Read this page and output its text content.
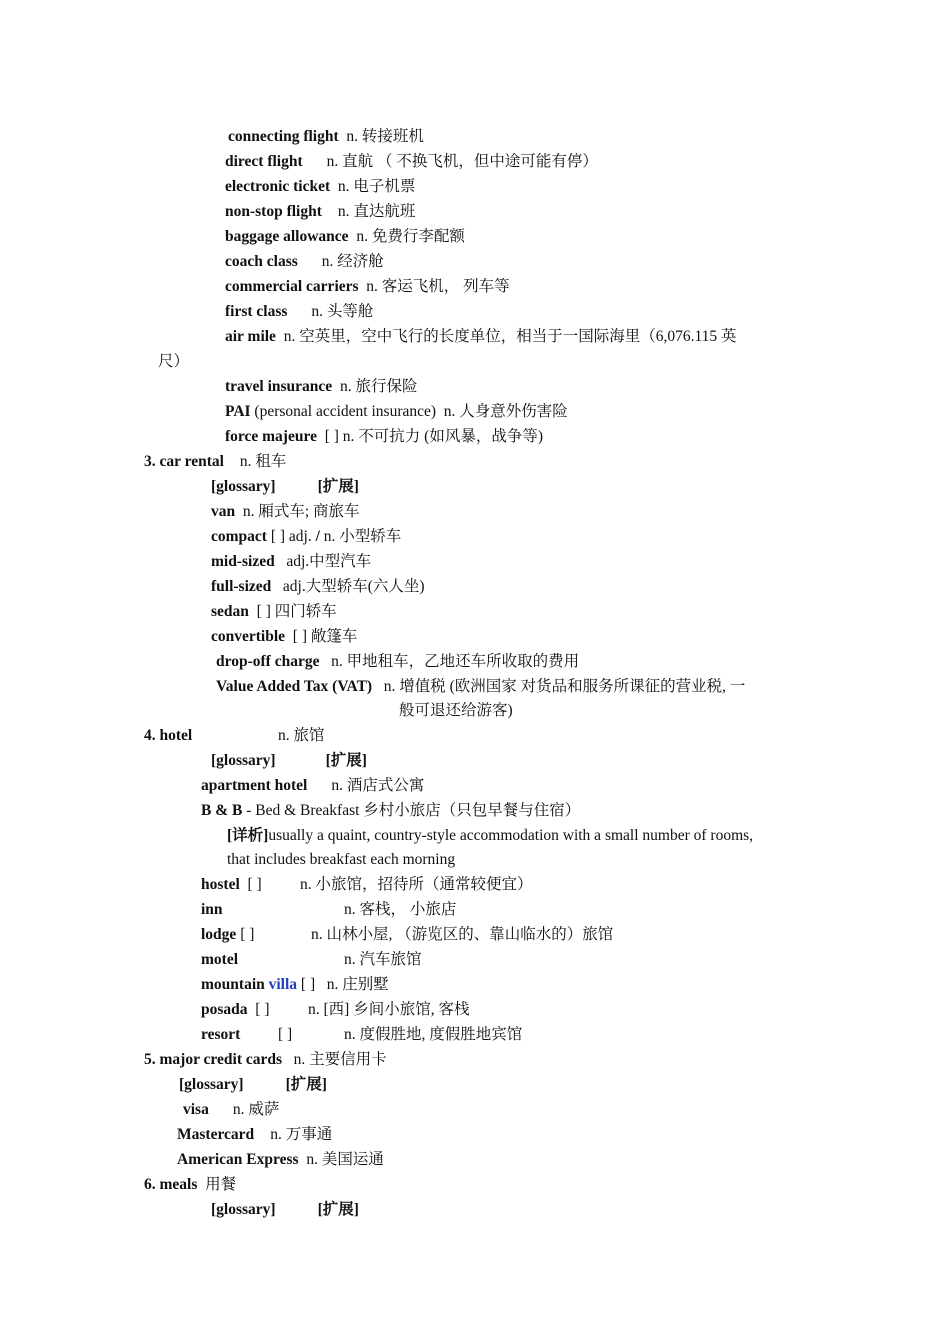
connecting flight n. 转接班机
direct flight n. 直航 （ 不换飞机，但中途可能有停）
electronic ticket n. 电子机票
non-stop flight n. 直达航班
baggage allowance n. 免费行李配额
coach class n. 经济舱
commercial carriers n. 客运飞机， 列车等
first class n. 头等舱
air mile n. 空英里，空中飞行的长度单位，相当于一国际海里（6,076.115 英
尺）
travel insurance n. 旅行保险
PAI (personal accident insurance) n. 人身意外伤害险
force majeure [ ] n. 不可抗力 (如风暴，战争等)
3. car rental n. 租车
[glossary]	[扩展]
van n. 厢式车; 商旅车
compact [ ] adj. / n. 小型轿车
mid-sized adj.中型汽车
full-sized adj.大型轿车(六人坐)
sedan [ ] 四门轿车
convertible [ ] 敞篷车
drop-off charge n. 甲地租车，乙地还车所收取的费用
Value Added Tax (VAT) n. 增值税 (欧洲国家 对货品和服务所课征的营业税, 一
般可退还给游客)
4. hotel	n. 旅馆
[glossary]	[扩展]
apartment hotel n. 酒店式公寓
B & B - Bed & Breakfast 乡村小旅店（只包早餐与住宿）
[详析]usually a quaint, country-style accommodation with a small number of rooms,
that includes breakfast each morning
hostel [ ] n. 小旅馆，招待所（通常较便宜）
inn	n. 客栈， 小旅店
lodge [ ]	n. 山林小屋, （游览区的、靠山临水的）旅馆
motel	n. 汽车旅馆
mountain villa [ ] n. 庄别墅
posada [ ] n. [西] 乡间小旅馆, 客栈
resort [ ]	n. 度假胜地, 度假胜地宾馆
5. major credit cards n. 主要信用卡
[glossary]	[扩展]
visa n. 威萨
Mastercard n. 万事通
American Express n. 美国运通
6. meals 用餐
[glossary]	[扩展]
